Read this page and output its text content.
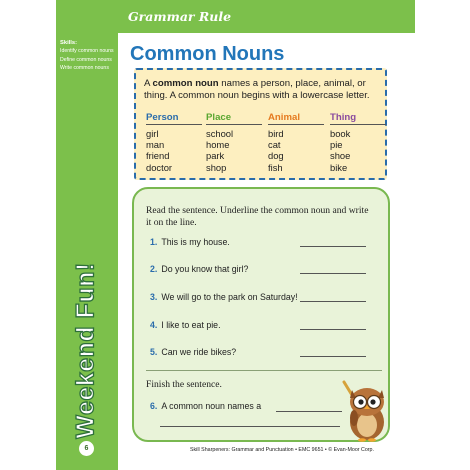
Skills:
Identify common nouns
Define common nouns
Write common nouns
Weekend Fun!
6
Grammar Rule
Common Nouns
A common noun names a person, place, animal, or thing. A common noun begins with a lowercase letter.
Person
girl
man
friend
doctor
Place
school
home
park
shop
Animal
bird
cat
dog
fish
Thing
book
pie
shoe
bike
Read the sentence. Underline the common noun and write it on the line.
1. This is my house.
2. Do you know that girl?
3. We will go to the park on Saturday!
4. I like to eat pie.
5. Can we ride bikes?
Finish the sentence.
6. A common noun names a
Skill Sharpeners: Grammar and Punctuation • EMC 9651 • © Evan-Moor Corp.
